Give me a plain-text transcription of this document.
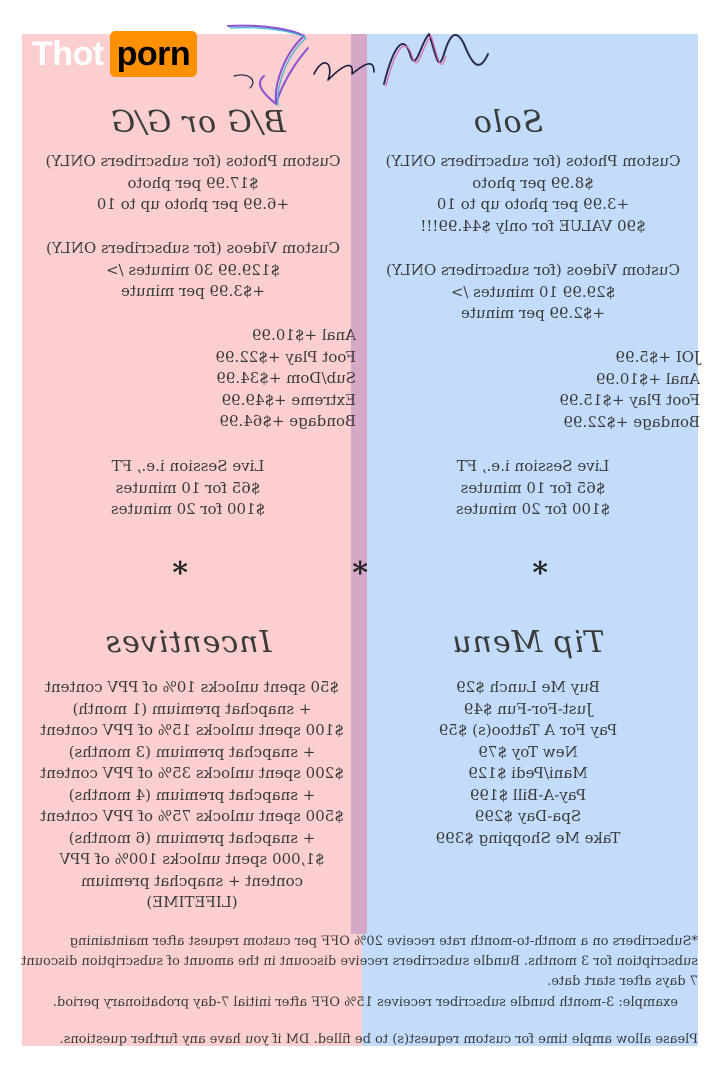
Solo
Custom Photos (for subscribers ONLY)
$8.99 per photo
+3.99 per photo up to 10
$90 VALUE for only $44.99!!!
Custom Videos (for subscribers ONLY)
$29.99 10 minutes />
+$2.99 per minute
JOI +$5.99
Anal +$10.99
Foot Play +$15.99
Bondage +$22.99
Live Session i.e., FT
$65 for 10 minutes
$100 for 20 minutes
B/G or G/G
Custom Photos (for subscribers ONLY)
$17.99 per photo
+6.99 per photo up to 10
Custom Videos (for subscribers ONLY)
$129.99 30 minutes />
+$3.99 per minute
Anal +$10.99
Foot Play +$22.99
Sub/Dom +$34.99
Extreme +$49.99
Bondage +$64.99
Live Session i.e., FT
$65 for 10 minutes
$100 for 20 minutes
*
*
*
Tip Menu
Buy Me Lunch $29
Just-For-Fun $49
Pay For A Tattoo(s) $59
New Toy $79
Mani/Pedi $129
Pay-A-Bill $199
Spa-Day $299
Take Me Shopping $399
Incentives
$50 spent unlocks 10% of PPV content
+ snapchat premium (1 month)
$100 spent unlocks 15% of PPV content
+ snapchat premium (3 months)
$200 spent unlocks 35% of PPV content
+ snapchat premium (4 months)
$500 spent unlocks 75% of PPV content
+ snapchat premium (6 months)
$1,000 spent unlocks 100% of PPV
content + snapchat premium
(LIFETIME)
*Subscribers on a month-to-month rate receive 20% OFF per custom request after maintaining subscription for 3 months. Bundle subscribers receive discount in the amount of subscription discount 7 days after start date.
example: 3-month bundle subscriber receives 15% OFF after initial 7-day probationary period.
Please allow ample time for custom request(s) to be filled. DM if you have any further questions.
Thot porn
